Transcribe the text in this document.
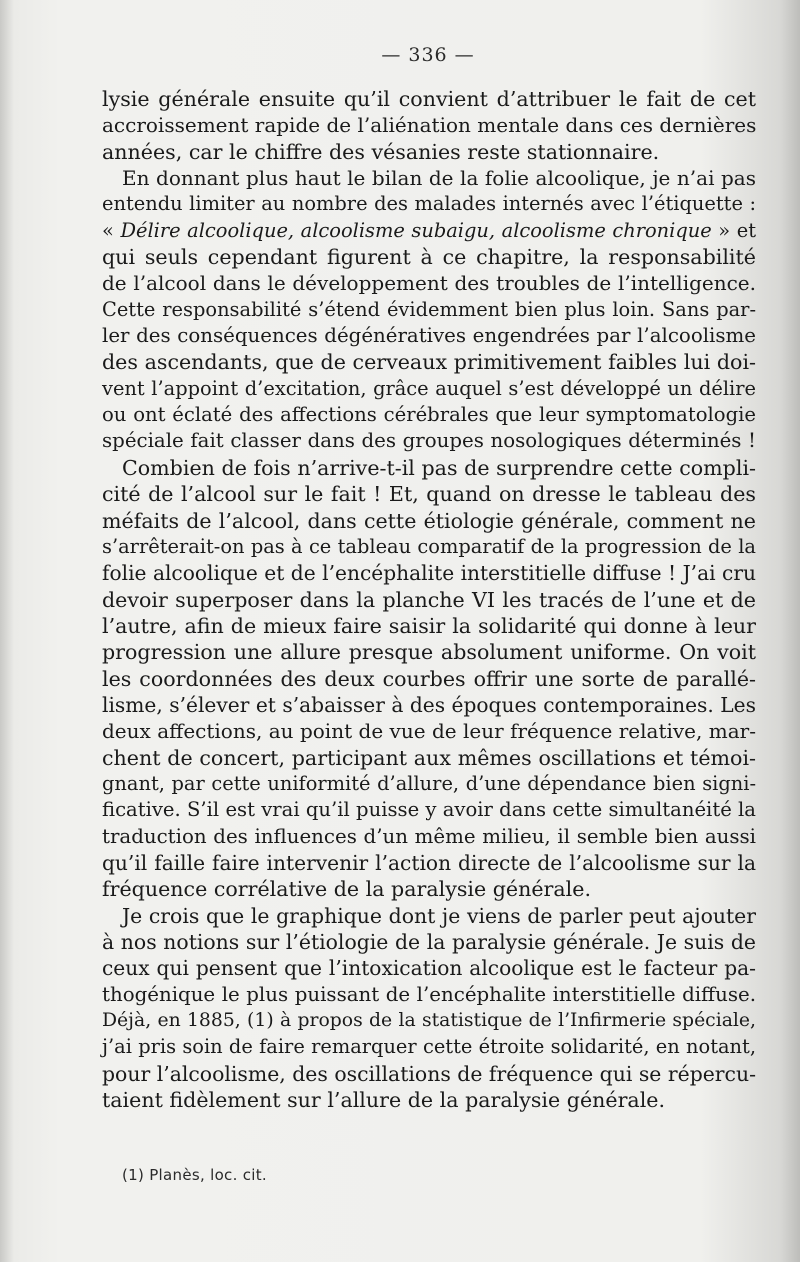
— 336 —
lysie générale ensuite qu’il convient d’attribuer le fait de cet
accroissement rapide de l’aliénation mentale dans ces dernières
années, car le chiffre des vésanies reste stationnaire.
En donnant plus haut le bilan de la folie alcoolique, je n’ai pas
entendu limiter au nombre des malades internés avec l’étiquette :
« Délire alcoolique, alcoolisme subaigu, alcoolisme chronique » et
qui seuls cependant figurent à ce chapitre, la responsabilité
de l’alcool dans le développement des troubles de l’intelligence.
Cette responsabilité s’étend évidemment bien plus loin. Sans par-
ler des conséquences dégénératives engendrées par l’alcoolisme
des ascendants, que de cerveaux primitivement faibles lui doi-
vent l’appoint d’excitation, grâce auquel s’est développé un délire
ou ont éclaté des affections cérébrales que leur symptomatologie
spéciale fait classer dans des groupes nosologiques déterminés !
Combien de fois n’arrive-t-il pas de surprendre cette compli-
cité de l’alcool sur le fait ! Et, quand on dresse le tableau des
méfaits de l’alcool, dans cette étiologie générale, comment ne
s’arrêterait-on pas à ce tableau comparatif de la progression de la
folie alcoolique et de l’encéphalite interstitielle diffuse ! J’ai cru
devoir superposer dans la planche VI les tracés de l’une et de
l’autre, afin de mieux faire saisir la solidarité qui donne à leur
progression une allure presque absolument uniforme. On voit
les coordonnées des deux courbes offrir une sorte de parallé-
lisme, s’élever et s’abaisser à des époques contemporaines. Les
deux affections, au point de vue de leur fréquence relative, mar-
chent de concert, participant aux mêmes oscillations et témoi-
gnant, par cette uniformité d’allure, d’une dépendance bien signi-
ficative. S’il est vrai qu’il puisse y avoir dans cette simultanéité la
traduction des influences d’un même milieu, il semble bien aussi
qu’il faille faire intervenir l’action directe de l’alcoolisme sur la
fréquence corrélative de la paralysie générale.
Je crois que le graphique dont je viens de parler peut ajouter
à nos notions sur l’étiologie de la paralysie générale. Je suis de
ceux qui pensent que l’intoxication alcoolique est le facteur pa-
thogénique le plus puissant de l’encéphalite interstitielle diffuse.
Déjà, en 1885, (1) à propos de la statistique de l’Infirmerie spéciale,
j’ai pris soin de faire remarquer cette étroite solidarité, en notant,
pour l’alcoolisme, des oscillations de fréquence qui se répercu-
taient fidèlement sur l’allure de la paralysie générale.
(1) Planès, loc. cit.
